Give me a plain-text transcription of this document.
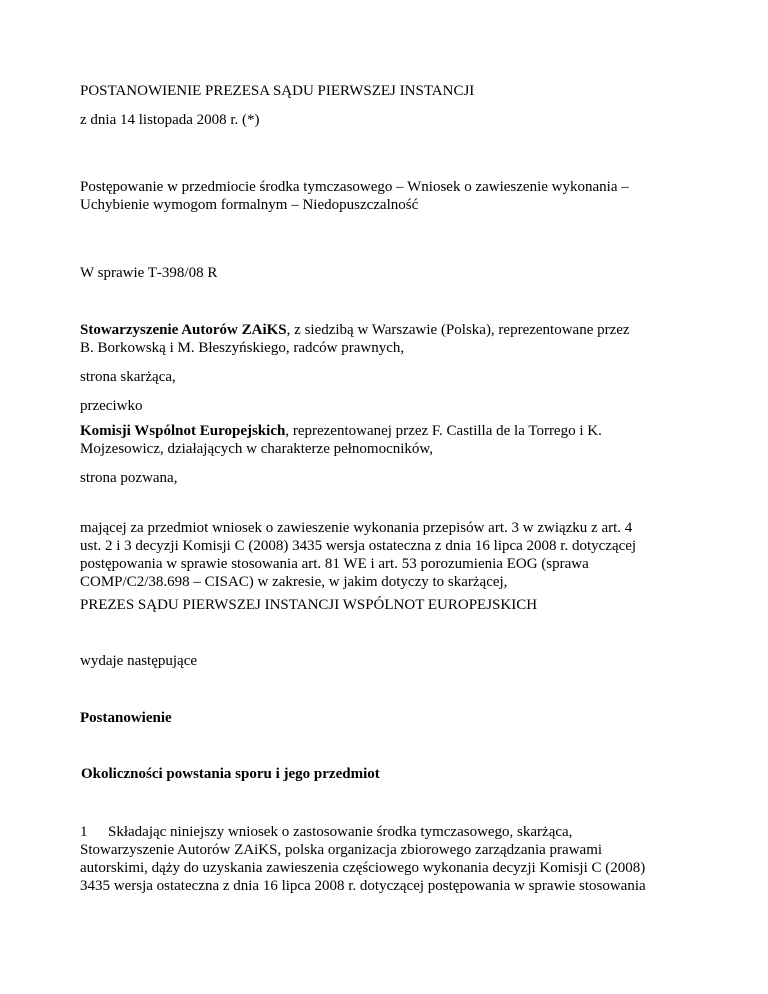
POSTANOWIENIE PREZESA SĄDU PIERWSZEJ INSTANCJI

z dnia 14 listopada 2008 r. (*)

Postępowanie w przedmiocie środka tymczasowego – Wniosek o zawieszenie wykonania –
Uchybienie wymogom formalnym – Niedopuszczalność

W sprawie T‑398/08 R

Stowarzyszenie Autorów ZAiKS, z siedzibą w Warszawie (Polska), reprezentowane przez
B. Borkowską i M. Błeszyńskiego, radców prawnych,

strona skarżąca,

przeciwko

Komisji Wspólnot Europejskich, reprezentowanej przez F. Castilla de la Torrego i K.
Mojzesowicz, działających w charakterze pełnomocników,

strona pozwana,

mającej za przedmiot wniosek o zawieszenie wykonania przepisów art. 3 w związku z art. 4
ust. 2 i 3 decyzji Komisji C (2008) 3435 wersja ostateczna z dnia 16 lipca 2008 r. dotyczącej
postępowania w sprawie stosowania art. 81 WE i art. 53 porozumienia EOG (sprawa
COMP/C2/38.698 – CISAC) w zakresie, w jakim dotyczy to skarżącej,

PREZES SĄDU PIERWSZEJ INSTANCJI WSPÓLNOT EUROPEJSKICH

wydaje następujące

Postanowienie

Okoliczności powstania sporu i jego przedmiot

1 Składając niniejszy wniosek o zastosowanie środka tymczasowego, skarżąca,
Stowarzyszenie Autorów ZAiKS, polska organizacja zbiorowego zarządzania prawami
autorskimi, dąży do uzyskania zawieszenia częściowego wykonania decyzji Komisji C (2008)
3435 wersja ostateczna z dnia 16 lipca 2008 r. dotyczącej postępowania w sprawie stosowania
